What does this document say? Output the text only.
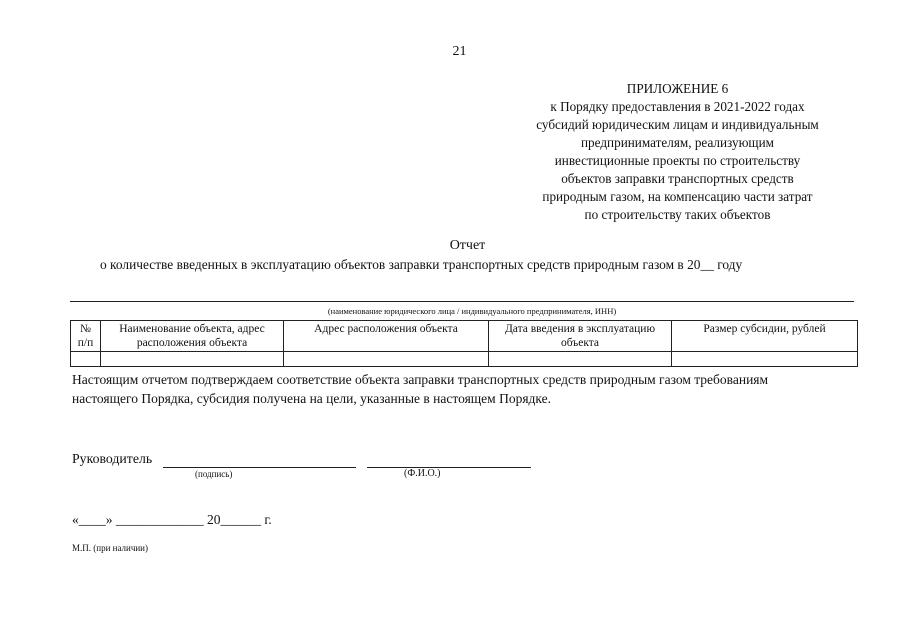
21
ПРИЛОЖЕНИЕ 6
к Порядку предоставления в 2021-2022 годах
субсидий юридическим лицам и индивидуальным
предпринимателям, реализующим
инвестиционные проекты по строительству
объектов заправки транспортных средств
природным газом, на компенсацию части затрат
по строительству таких объектов
Отчет
о количестве введенных в эксплуатацию объектов заправки транспортных средств природным газом в 20__ году
(наименование юридического лица / индивидуального предпринимателя, ИНН)
№ п/п	Наименование объекта, адрес расположения объекта	Адрес расположения объекта	Дата введения в эксплуатацию объекта	Размер субсидии, рублей

Настоящим отчетом подтверждаем соответствие объекта заправки транспортных средств природным газом требованиям
настоящего Порядка, субсидия получена на цели, указанные в настоящем Порядке.
Руководитель
(подпись)	(Ф.И.О.)
«____» _____________ 20______ г.
М.П. (при наличии)
